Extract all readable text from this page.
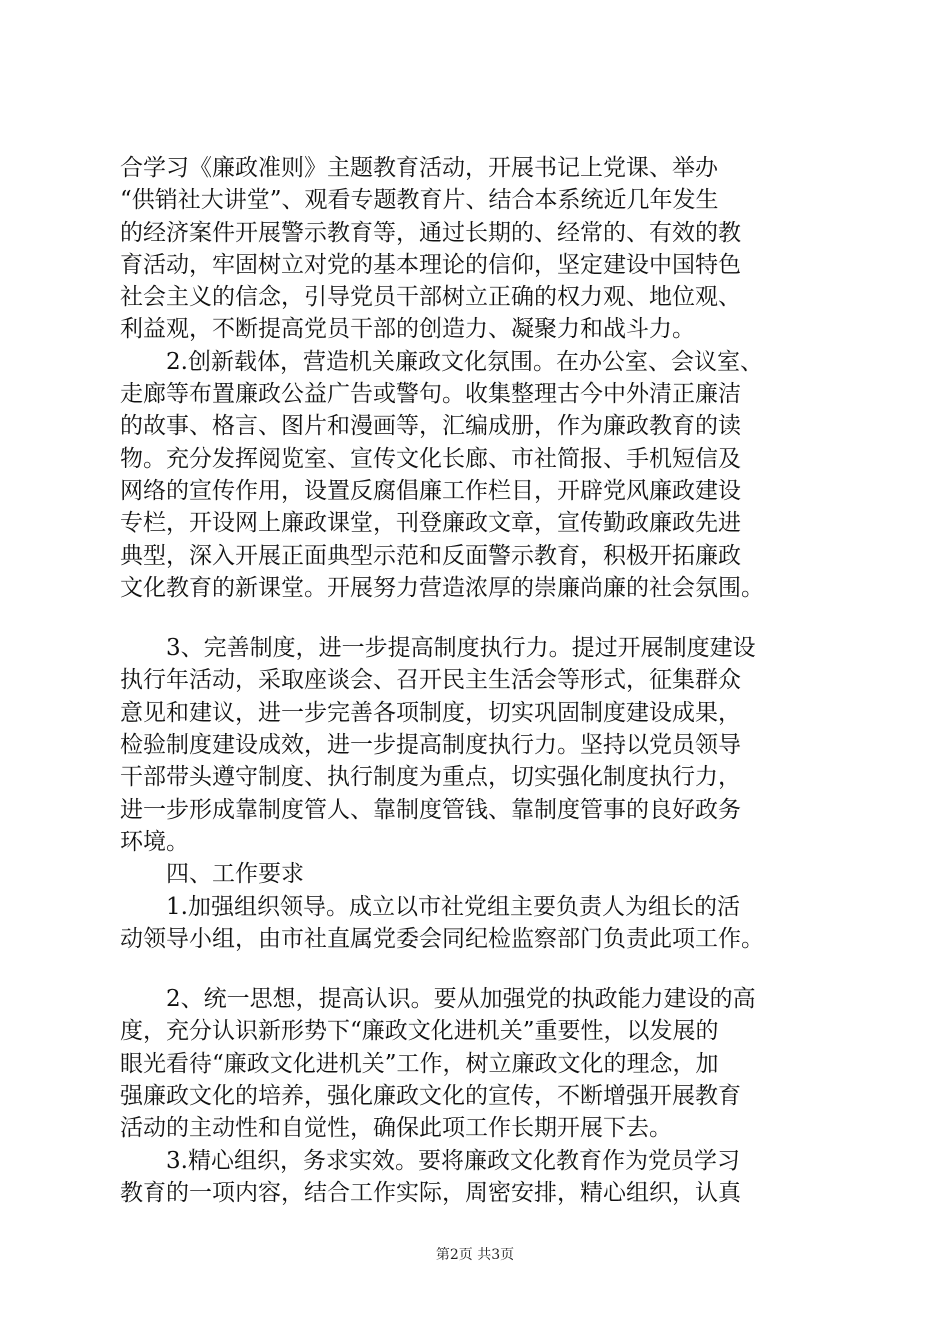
合学习《廉政准则》主题教育活动，开展书记上党课、举办
“供销社大讲堂”、观看专题教育片、结合本系统近几年发生
的经济案件开展警示教育等，通过长期的、经常的、有效的教
育活动，牢固树立对党的基本理论的信仰，坚定建设中国特色
社会主义的信念，引导党员干部树立正确的权力观、地位观、
利益观，不断提高党员干部的创造力、凝聚力和战斗力。
　　2.创新载体，营造机关廉政文化氛围。在办公室、会议室、
走廊等布置廉政公益广告或警句。收集整理古今中外清正廉洁
的故事、格言、图片和漫画等，汇编成册，作为廉政教育的读
物。充分发挥阅览室、宣传文化长廊、市社简报、手机短信及
网络的宣传作用，设置反腐倡廉工作栏目，开辟党风廉政建设
专栏，开设网上廉政课堂，刊登廉政文章，宣传勤政廉政先进
典型，深入开展正面典型示范和反面警示教育，积极开拓廉政
文化教育的新课堂。开展努力营造浓厚的崇廉尚廉的社会氛围。
　　3、完善制度，进一步提高制度执行力。提过开展制度建设
执行年活动，采取座谈会、召开民主生活会等形式，征集群众
意见和建议，进一步完善各项制度，切实巩固制度建设成果，
检验制度建设成效，进一步提高制度执行力。坚持以党员领导
干部带头遵守制度、执行制度为重点，切实强化制度执行力，
进一步形成靠制度管人、靠制度管钱、靠制度管事的良好政务
环境。
　　四、工作要求
　　1.加强组织领导。成立以市社党组主要负责人为组长的活
动领导小组，由市社直属党委会同纪检监察部门负责此项工作。
　　2、统一思想，提高认识。要从加强党的执政能力建设的高
度，充分认识新形势下“廉政文化进机关”重要性，以发展的
眼光看待“廉政文化进机关”工作，树立廉政文化的理念，加
强廉政文化的培养，强化廉政文化的宣传，不断增强开展教育
活动的主动性和自觉性，确保此项工作长期开展下去。
　　3.精心组织，务求实效。要将廉政文化教育作为党员学习
教育的一项内容，结合工作实际，周密安排，精心组织，认真
第2页 共3页
